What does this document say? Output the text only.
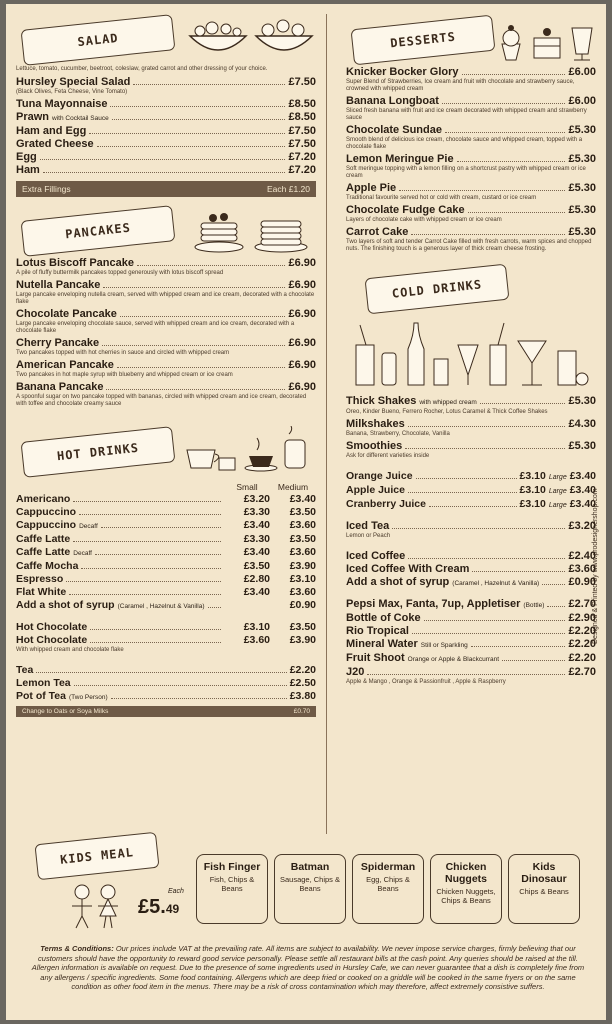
SALAD
Lettuce, tomato, cucumber, beetroot, coleslaw, grated carrot and other dressing of your choice.
Hursley Special Salad	£7.50
(Black Olives, Feta Cheese, Vine Tomato)
Tuna Mayonnaise	£8.50
Prawn with Cocktail Sauce	£8.50
Ham and Egg	£7.50
Grated Cheese	£7.50
Egg	£7.20
Ham	£7.20
Extra Fillings	Each £1.20
PANCAKES
Lotus Biscoff Pancake	£6.90
A pile of fluffy buttermilk pancakes topped generously with lotus biscoff spread
Nutella Pancake	£6.90
Large pancake enveloping nutella cream, served with whipped cream and ice cream, decorated with a chocolate flake
Chocolate Pancake	£6.90
Large pancake enveloping chocolate sauce, served with whipped cream and ice cream, decorated with a chocolate flake
Cherry Pancake	£6.90
Two pancakes topped with hot cherries in sauce and circled with whipped cream
American Pancake	£6.90
Two pancakes in hot maple syrup with blueberry and whipped cream or ice cream
Banana Pancake	£6.90
A spoonful sugar on two pancake topped with bananas, circled with whipped cream and ice cream, decorated with toffee and chocolate creamy sauce
HOT DRINKS
Small	Medium
Americano	£3.20	£3.40
Cappuccino	£3.30	£3.50
Cappuccino Decaff	£3.40	£3.60
Caffe Latte	£3.30	£3.50
Caffe Latte Decaff	£3.40	£3.60
Caffe Mocha	£3.50	£3.90
Espresso	£2.80	£3.10
Flat White	£3.40	£3.60
Add a shot of syrup (Caramel , Hazelnut & Vanilla)	£0.90
Hot Chocolate	£3.10	£3.50
Hot Chocolate	£3.60	£3.90
With whipped cream and chocolate flake
Tea	£2.20
Lemon Tea	£2.50
Pot of Tea (Two Person)	£3.80
Change to Oats or Soya Milks	£0.70
DESSERTS
Knicker Bocker Glory	£6.00
Super Blend of Strawberries, Ice cream and fruit with chocolate and strawberry sauce, crowned with whipped cream
Banana Longboat	£6.00
Sliced fresh banana with fruit and ice cream decorated with whipped cream and strawberry sauce
Chocolate Sundae	£5.30
Smooth blend of delicious ice cream, chocolate sauce and whipped cream, topped with a chocolate flake
Lemon Meringue Pie	£5.30
Soft meringue topping with a lemon filling on a shortcrust pastry with whipped cream or ice cream
Apple Pie	£5.30
Traditional favourite served hot or cold with cream, custard or ice cream
Chocolate Fudge Cake	£5.30
Layers of chocolate cake with whipped cream or ice cream
Carrot Cake	£5.30
Two layers of soft and tender Carrot Cake filled with fresh carrots, warm spices and chopped nuts. The finishing touch is a generous layer of thick cream cheese frosting.
COLD DRINKS
Thick Shakes with whipped cream	£5.30
Oreo, Kinder Bueno, Ferrero Rocher, Lotus Caramel & Thick Coffee Shakes
Milkshakes	£4.30
Banana, Strawberry, Chocolate, Vanilla
Smoothies	£5.30
Ask for different varieties inside
Orange Juice	£3.10 Large £3.40
Apple Juice	£3.10 Large £3.40
Cranberry Juice	£3.10 Large £3.40
Iced Tea	£3.20
Lemon or Peach
Iced Coffee	£2.40
Iced Coffee With Cream	£3.60
Add a shot of syrup (Caramel , Hazelnut & Vanilla)	£0.90
Pepsi Max, Fanta, 7up, Appletiser (Bottle) £2.70
Bottle of Coke	£2.90
Rio Tropical	£2.20
Mineral Water Still or Sparkling	£2.20
Fruit Shoot Orange or Apple & Blackcurrant	£2.20
J20	£2.70
Apple & Mango , Orange & Passionfruit , Apple & Raspberry
Designed & Printed by www.prodesignershop.com
KIDS MEAL
£5.49
Each
Fish Finger
Fish, Chips & Beans
Batman
Sausage, Chips & Beans
Spiderman
Egg, Chips & Beans
Chicken Nuggets
Chicken Nuggets, Chips & Beans
Kids Dinosaur
Chips & Beans
Terms & Conditions: Our prices include VAT at the prevailing rate. All items are subject to availability. We never impose service charges, firmly believing that our customers should have the opportunity to reward good service personally. Please settle all restaurant bills at the cash point. Any queries should be raised at the till. Allergen information is available on request. Due to the presence of some ingredients used in Hursley Cafe, we can never guarantee that a dish is completely fine from any allergens / specific ingredients. Some food containing. Allergens which are deep fried or cooked on a griddle will be cooked in the same fryers or on the same condition as other food item in the menus. There may be a risk of cross contamination which may therefore, affect extremely consistive suffers.
